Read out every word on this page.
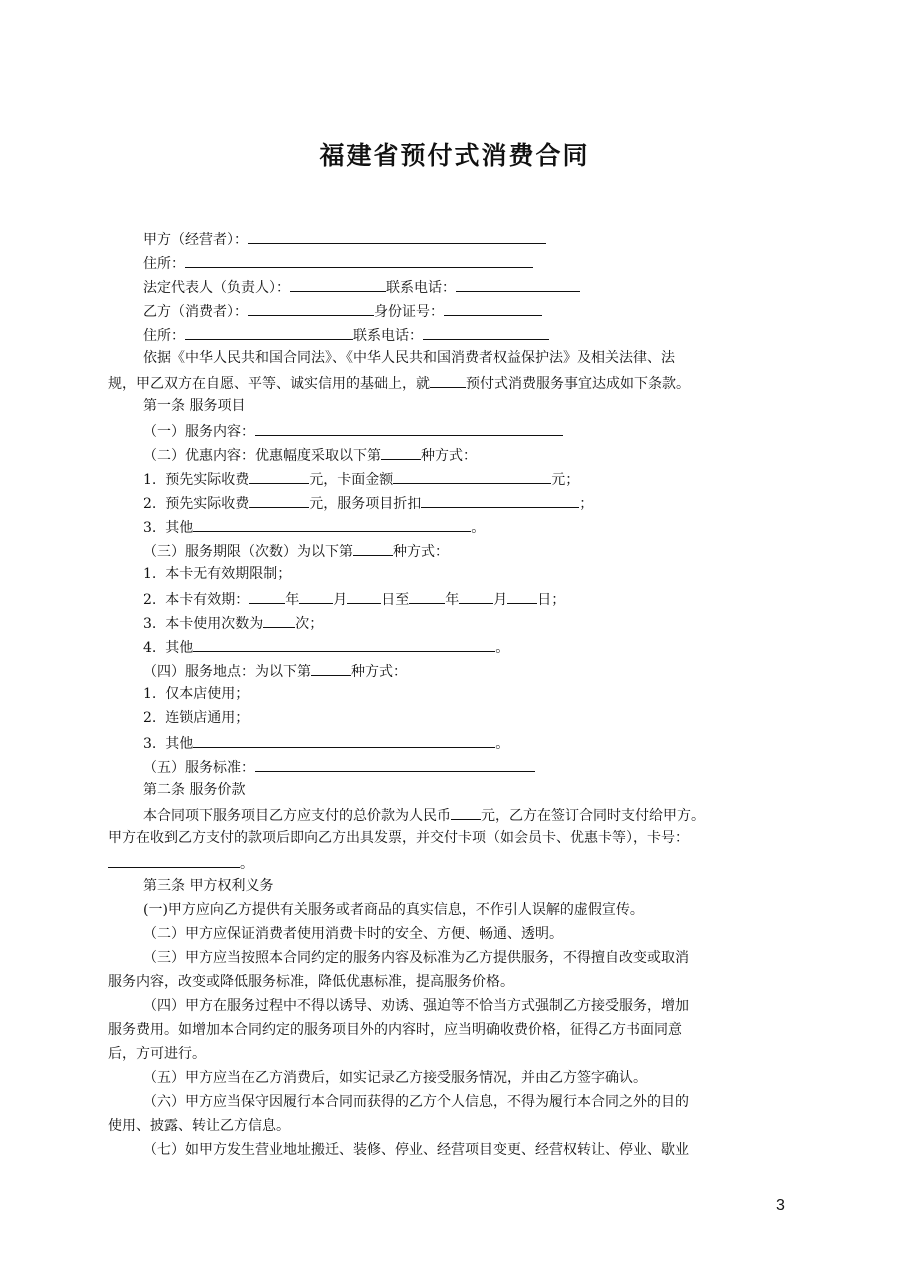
福建省预付式消费合同
甲方（经营者）：
住所：
法定代表人（负责人）：	联系电话：
乙方（消费者）：	身份证号：
住所：	联系电话：
依据《中华人民共和国合同法》、《中华人民共和国消费者权益保护法》及相关法律、法
规，甲乙双方在自愿、平等、诚实信用的基础上，就	预付式消费服务事宜达成如下条款。
第一条 服务项目
（一）服务内容：
（二）优惠内容：优惠幅度采取以下第	种方式：
1. 预先实际收费	元，卡面金额	元；
2. 预先实际收费	元，服务项目折扣	；
3. 其他	。
（三）服务期限（次数）为以下第	种方式：
1. 本卡无有效期限制；
2. 本卡有效期：	年 月 日至	年 月 日；
3. 本卡使用次数为 次；
4. 其他	。
（四）服务地点：为以下第	种方式：
1. 仅本店使用；
2. 连锁店通用；
3. 其他	。
（五）服务标准：
第二条 服务价款
本合同项下服务项目乙方应支付的总价款为人民币 元，乙方在签订合同时支付给甲方。
甲方在收到乙方支付的款项后即向乙方出具发票，并交付卡项（如会员卡、优惠卡等），卡号：
。
第三条 甲方权利义务
(一)甲方应向乙方提供有关服务或者商品的真实信息，不作引人误解的虚假宣传。
（二）甲方应保证消费者使用消费卡时的安全、方便、畅通、透明。
（三）甲方应当按照本合同约定的服务内容及标准为乙方提供服务，不得擅自改变或取消
服务内容，改变或降低服务标准，降低优惠标准，提高服务价格。
（四）甲方在服务过程中不得以诱导、劝诱、强迫等不恰当方式强制乙方接受服务，增加
服务费用。如增加本合同约定的服务项目外的内容时，应当明确收费价格，征得乙方书面同意
后，方可进行。
（五）甲方应当在乙方消费后，如实记录乙方接受服务情况，并由乙方签字确认。
（六）甲方应当保守因履行本合同而获得的乙方个人信息，不得为履行本合同之外的目的
使用、披露、转让乙方信息。
（七）如甲方发生营业地址搬迁、装修、停业、经营项目变更、经营权转让、停业、歇业
3
